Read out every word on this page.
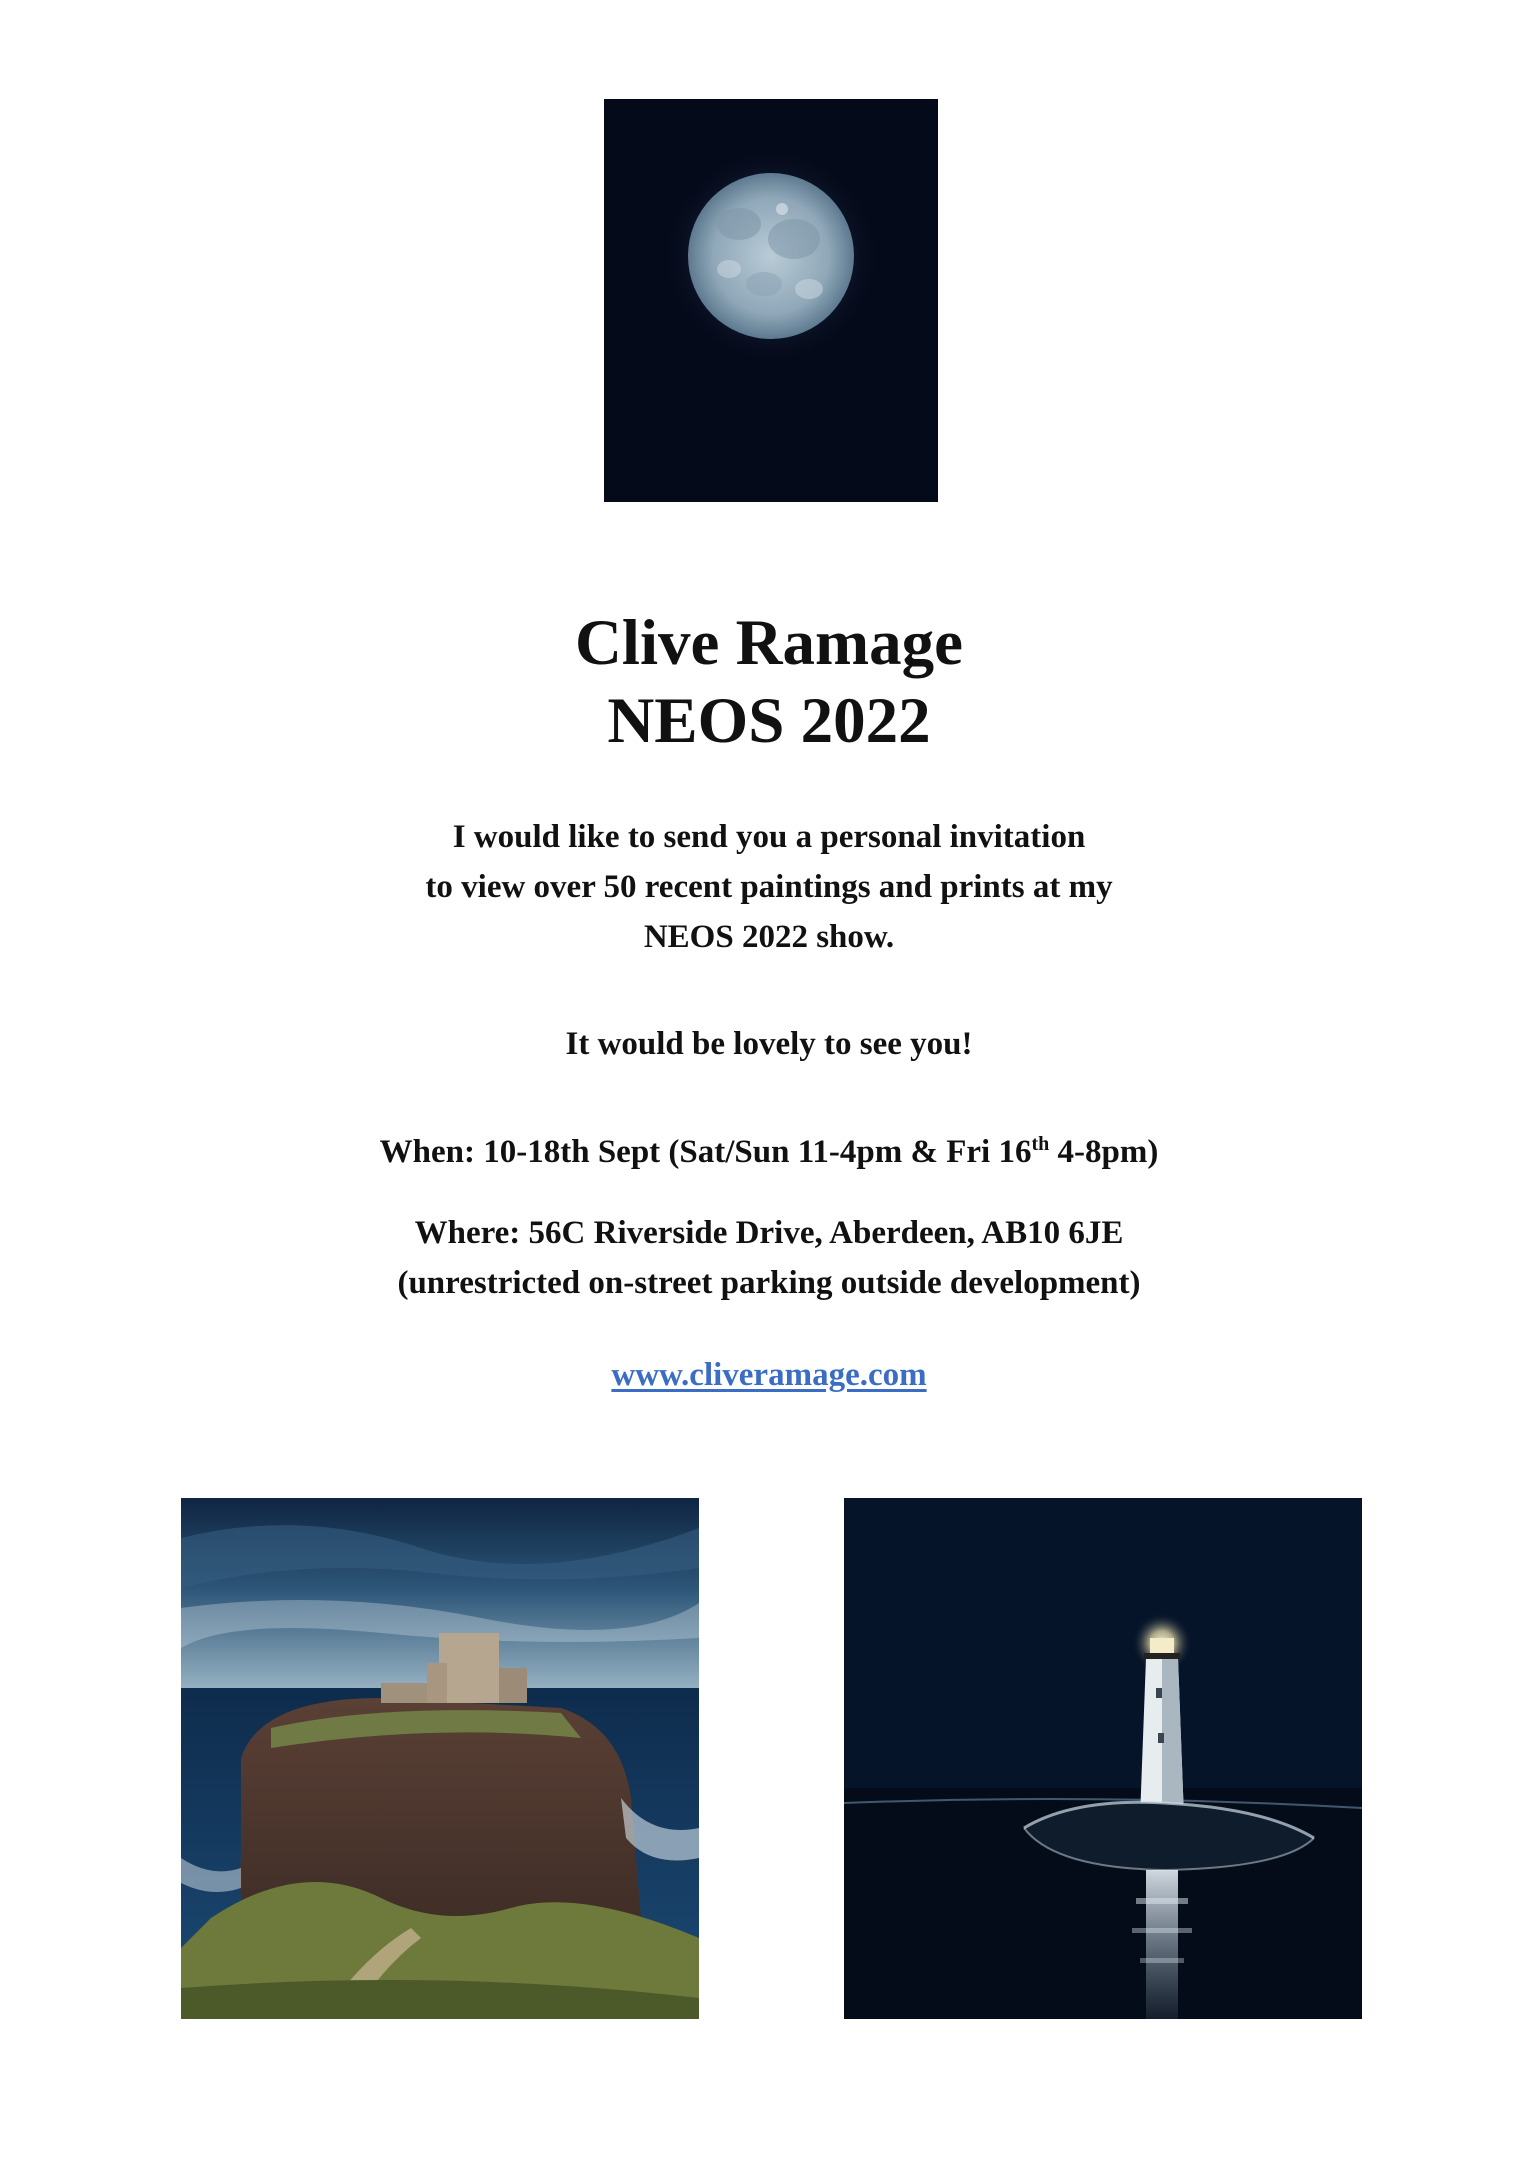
Clive Ramage
NEOS 2022
I would like to send you a personal invitation
to view over 50 recent paintings and prints at my
NEOS 2022 show.
It would be lovely to see you!
When: 10-18th Sept (Sat/Sun 11-4pm & Fri 16th 4-8pm)
Where: 56C Riverside Drive, Aberdeen, AB10 6JE
(unrestricted on-street parking outside development)
www.cliveramage.com
